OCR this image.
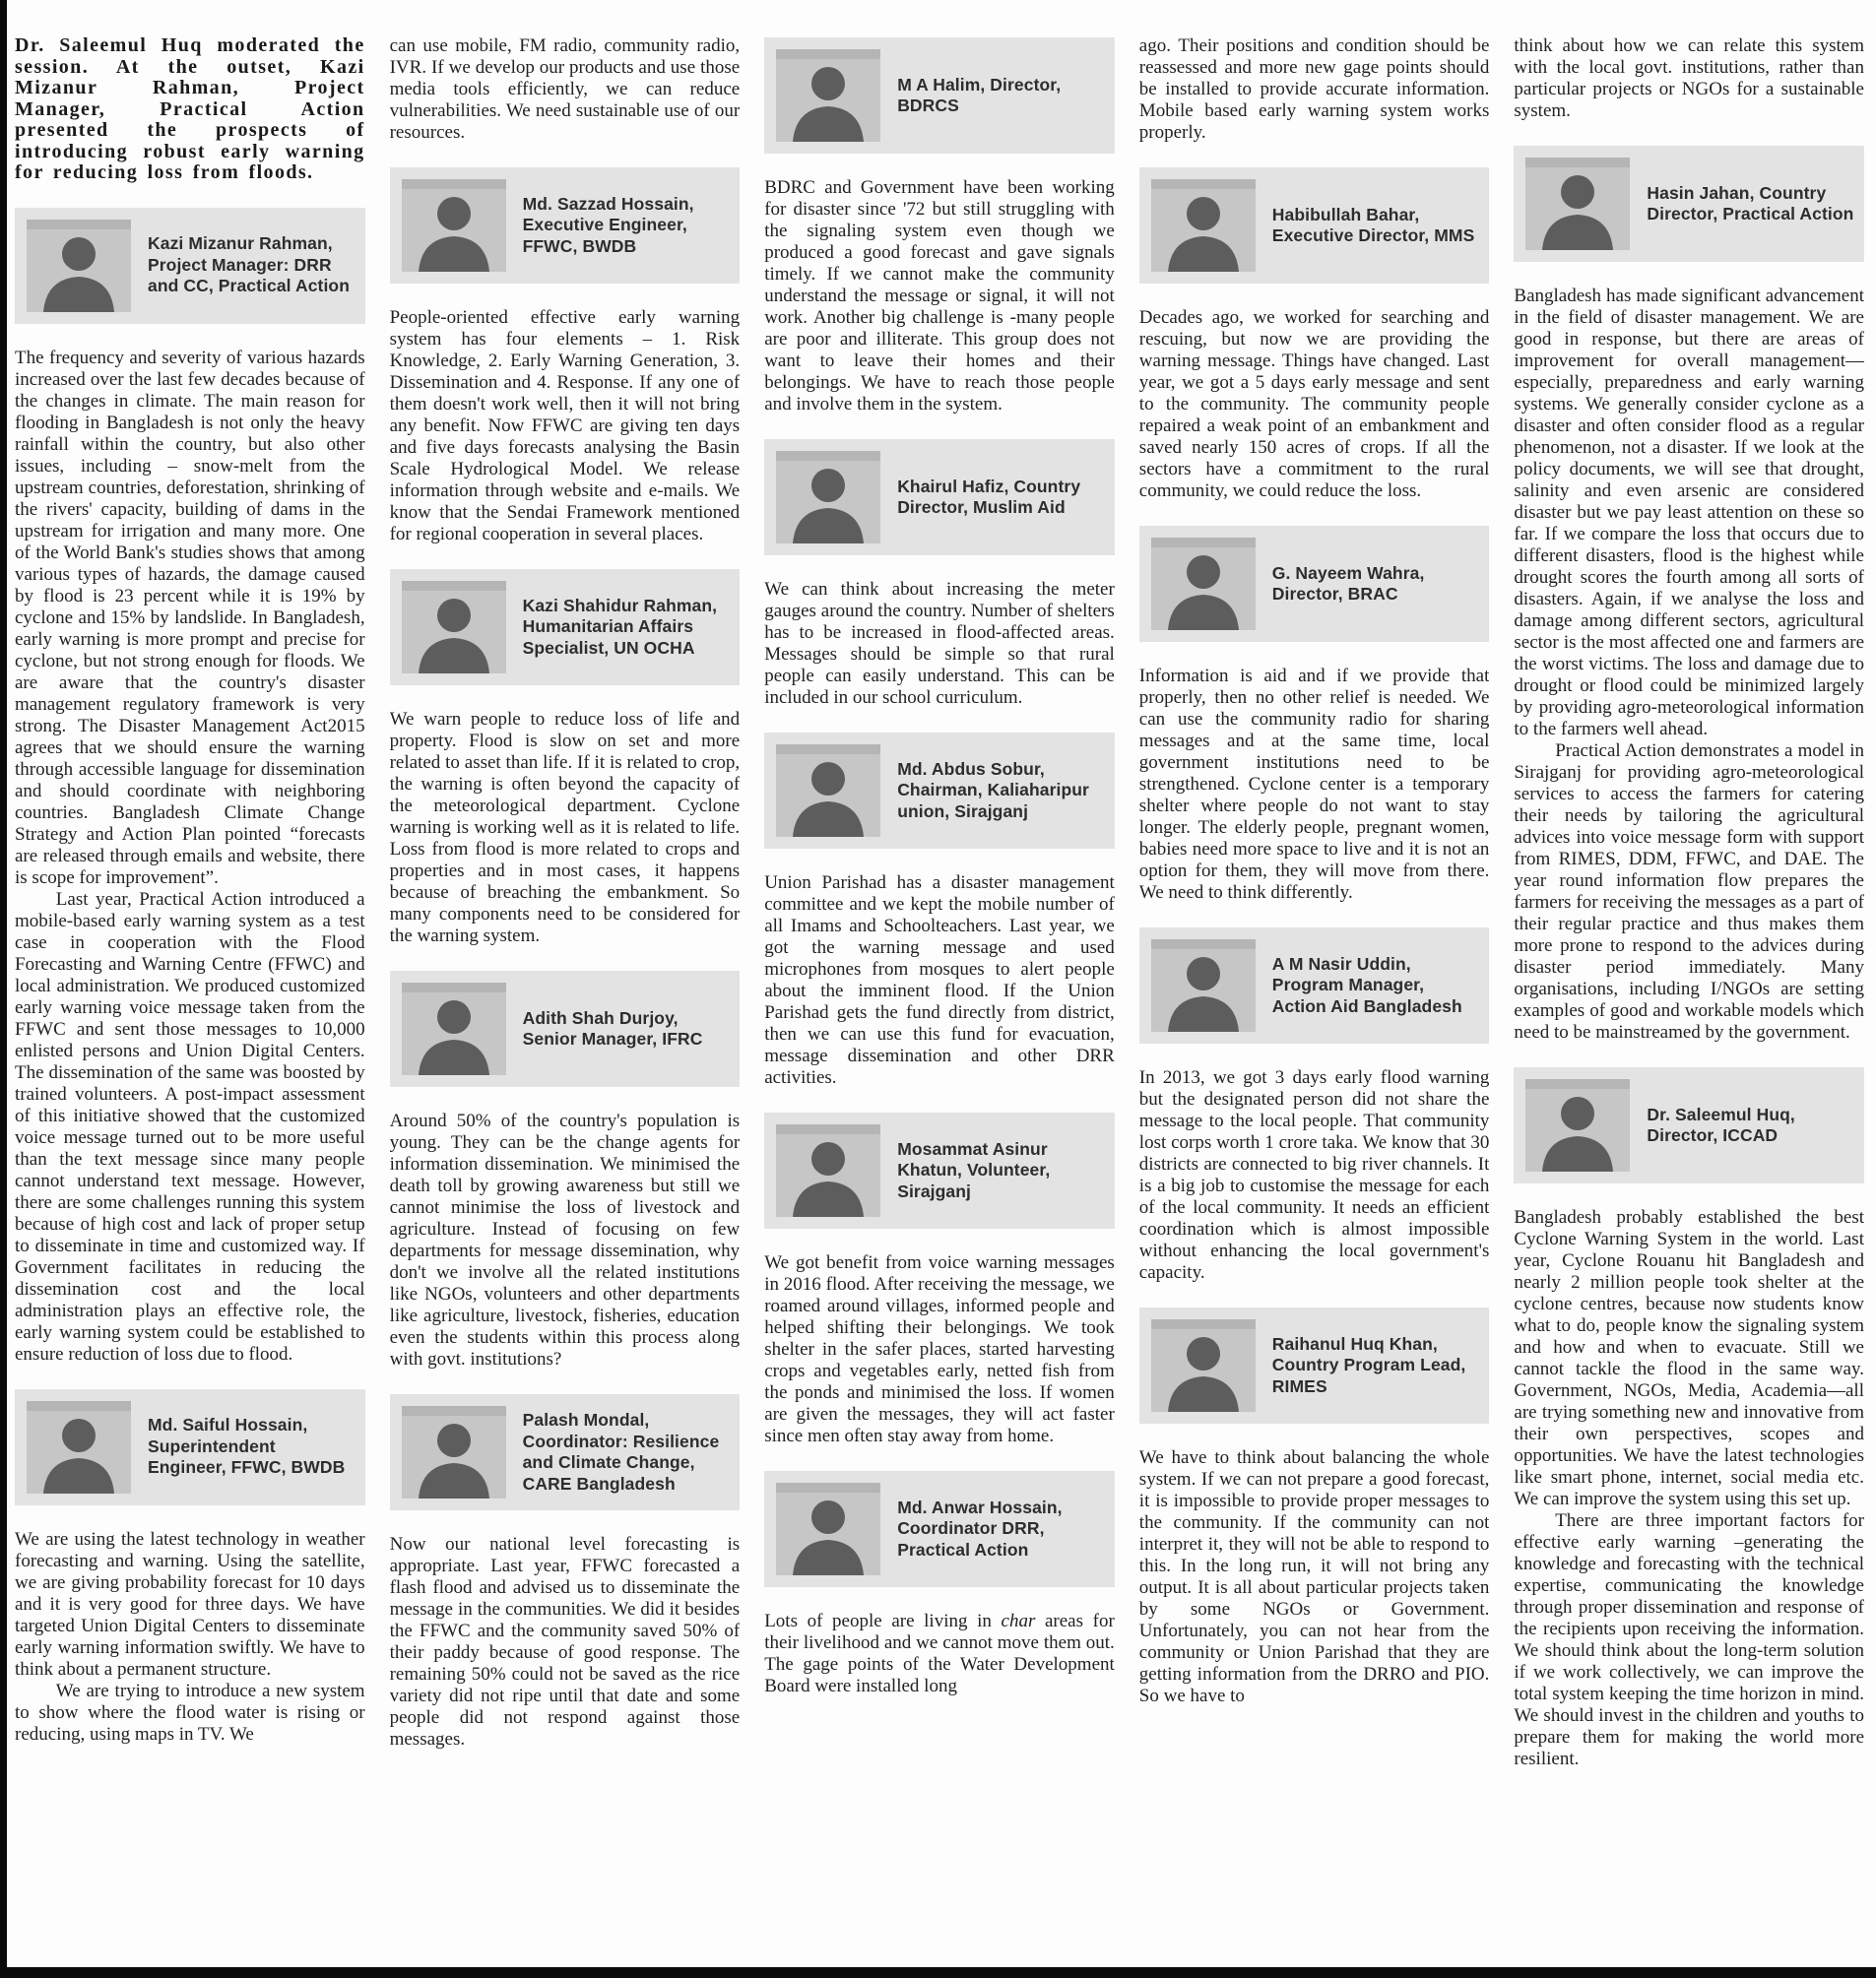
Dr. Saleemul Huq moderated the session. At the outset, Kazi Mizanur Rahman, Project Manager, Practical Action presented the prospects of introducing robust early warning for reducing loss from floods.

Kazi Mizanur Rahman, Project Manager: DRR and CC, Practical Action

The frequency and severity of various hazards increased over the last few decades because of the changes in climate. The main reason for flooding in Bangladesh is not only the heavy rainfall within the country, but also other issues, including – snow-melt from the upstream countries, deforestation, shrinking of the rivers' capacity, building of dams in the upstream for irrigation and many more. One of the World Bank's studies shows that among various types of hazards, the damage caused by flood is 23 percent while it is 19% by cyclone and 15% by landslide. In Bangladesh, early warning is more prompt and precise for cyclone, but not strong enough for floods. We are aware that the country's disaster management regulatory framework is very strong. The Disaster Management Act2015 agrees that we should ensure the warning through accessible language for dissemination and should coordinate with neighboring countries. Bangladesh Climate Change Strategy and Action Plan pointed “forecasts are released through emails and website, there is scope for improvement”.

Last year, Practical Action introduced a mobile-based early warning system as a test case in cooperation with the Flood Forecasting and Warning Centre (FFWC) and local administration. We produced customized early warning voice message taken from the FFWC and sent those messages to 10,000 enlisted persons and Union Digital Centers. The dissemination of the same was boosted by trained volunteers. A post-impact assessment of this initiative showed that the customized voice message turned out to be more useful than the text message since many people cannot understand text message. However, there are some challenges running this system because of high cost and lack of proper setup to disseminate in time and customized way. If Government facilitates in reducing the dissemination cost and the local administration plays an effective role, the early warning system could be established to ensure reduction of loss due to flood.

Md. Saiful Hossain, Superintendent Engineer, FFWC, BWDB

We are using the latest technology in weather forecasting and warning. Using the satellite, we are giving probability forecast for 10 days and it is very good for three days. We have targeted Union Digital Centers to disseminate early warning information swiftly. We have to think about a permanent structure.

We are trying to introduce a new system to show where the flood water is rising or reducing, using maps in TV. We

can use mobile, FM radio, community radio, IVR. If we develop our products and use those media tools efficiently, we can reduce vulnerabilities. We need sustainable use of our resources.

Md. Sazzad Hossain, Executive Engineer, FFWC, BWDB

People-oriented effective early warning system has four elements – 1. Risk Knowledge, 2. Early Warning Generation, 3. Dissemination and 4. Response. If any one of them doesn't work well, then it will not bring any benefit. Now FFWC are giving ten days and five days forecasts analysing the Basin Scale Hydrological Model. We release information through website and e-mails. We know that the Sendai Framework mentioned for regional cooperation in several places.

Kazi Shahidur Rahman, Humanitarian Affairs Specialist, UN OCHA

We warn people to reduce loss of life and property. Flood is slow on set and more related to asset than life. If it is related to crop, the warning is often beyond the capacity of the meteorological department. Cyclone warning is working well as it is related to life. Loss from flood is more related to crops and properties and in most cases, it happens because of breaching the embankment. So many components need to be considered for the warning system.

Adith Shah Durjoy, Senior Manager, IFRC

Around 50% of the country's population is young. They can be the change agents for information dissemination. We minimised the death toll by growing awareness but still we cannot minimise the loss of livestock and agriculture. Instead of focusing on few departments for message dissemination, why don't we involve all the related institutions like NGOs, volunteers and other departments like agriculture, livestock, fisheries, education even the students within this process along with govt. institutions?

Palash Mondal, Coordinator: Resilience and Climate Change, CARE Bangladesh

Now our national level forecasting is appropriate. Last year, FFWC forecasted a flash flood and advised us to disseminate the message in the communities. We did it besides the FFWC and the community saved 50% of their paddy because of good response. The remaining 50% could not be saved as the rice variety did not ripe until that date and some people did not respond against those messages.

M A Halim, Director, BDRCS

BDRC and Government have been working for disaster since '72 but still struggling with the signaling system even though we produced a good forecast and gave signals timely. If we cannot make the community understand the message or signal, it will not work. Another big challenge is -many people are poor and illiterate. This group does not want to leave their homes and their belongings. We have to reach those people and involve them in the system.

Khairul Hafiz, Country Director, Muslim Aid

We can think about increasing the meter gauges around the country. Number of shelters has to be increased in flood-affected areas. Messages should be simple so that rural people can easily understand. This can be included in our school curriculum.

Md. Abdus Sobur, Chairman, Kaliaharipur union, Sirajganj

Union Parishad has a disaster management committee and we kept the mobile number of all Imams and Schoolteachers. Last year, we got the warning message and used microphones from mosques to alert people about the imminent flood. If the Union Parishad gets the fund directly from district, then we can use this fund for evacuation, message dissemination and other DRR activities.

Mosammat Asinur Khatun, Volunteer, Sirajganj

We got benefit from voice warning messages in 2016 flood. After receiving the message, we roamed around villages, informed people and helped shifting their belongings. We took shelter in the safer places, started harvesting crops and vegetables early, netted fish from the ponds and minimised the loss. If women are given the messages, they will act faster since men often stay away from home.

Md. Anwar Hossain, Coordinator DRR, Practical Action

Lots of people are living in char areas for their livelihood and we cannot move them out. The gage points of the Water Development Board were installed long

ago. Their positions and condition should be reassessed and more new gage points should be installed to provide accurate information. Mobile based early warning system works properly.

Habibullah Bahar, Executive Director, MMS

Decades ago, we worked for searching and rescuing, but now we are providing the warning message. Things have changed. Last year, we got a 5 days early message and sent to the community. The community people repaired a weak point of an embankment and saved nearly 150 acres of crops. If all the sectors have a commitment to the rural community, we could reduce the loss.

G. Nayeem Wahra, Director, BRAC

Information is aid and if we provide that properly, then no other relief is needed. We can use the community radio for sharing messages and at the same time, local government institutions need to be strengthened. Cyclone center is a temporary shelter where people do not want to stay longer. The elderly people, pregnant women, babies need more space to live and it is not an option for them, they will move from there. We need to think differently.

A M Nasir Uddin, Program Manager, Action Aid Bangladesh

In 2013, we got 3 days early flood warning but the designated person did not share the message to the local people. That community lost corps worth 1 crore taka. We know that 30 districts are connected to big river channels. It is a big job to customise the message for each of the local community. It needs an efficient coordination which is almost impossible without enhancing the local government's capacity.

Raihanul Huq Khan, Country Program Lead, RIMES

We have to think about balancing the whole system. If we can not prepare a good forecast, it is impossible to provide proper messages to the community. If the community can not interpret it, they will not be able to respond to this. In the long run, it will not bring any output. It is all about particular projects taken by some NGOs or Government. Unfortunately, you can not hear from the community or Union Parishad that they are getting information from the DRRO and PIO. So we have to

think about how we can relate this system with the local govt. institutions, rather than particular projects or NGOs for a sustainable system.

Hasin Jahan, Country Director, Practical Action

Bangladesh has made significant advancement in the field of disaster management. We are good in response, but there are areas of improvement for overall management—especially, preparedness and early warning systems. We generally consider cyclone as a disaster and often consider flood as a regular phenomenon, not a disaster. If we look at the policy documents, we will see that drought, salinity and even arsenic are considered disaster but we pay least attention on these so far. If we compare the loss that occurs due to different disasters, flood is the highest while drought scores the fourth among all sorts of disasters. Again, if we analyse the loss and damage among different sectors, agricultural sector is the most affected one and farmers are the worst victims. The loss and damage due to drought or flood could be minimized largely by providing agro-meteorological information to the farmers well ahead.

Practical Action demonstrates a model in Sirajganj for providing agro-meteorological services to access the farmers for catering their needs by tailoring the agricultural advices into voice message form with support from RIMES, DDM, FFWC, and DAE. The year round information flow prepares the farmers for receiving the messages as a part of their regular practice and thus makes them more prone to respond to the advices during disaster period immediately. Many organisations, including I/NGOs are setting examples of good and workable models which need to be mainstreamed by the government.

Dr. Saleemul Huq, Director, ICCAD

Bangladesh probably established the best Cyclone Warning System in the world. Last year, Cyclone Rouanu hit Bangladesh and nearly 2 million people took shelter at the cyclone centres, because now students know what to do, people know the signaling system and how and when to evacuate. Still we cannot tackle the flood in the same way. Government, NGOs, Media, Academia—all are trying something new and innovative from their own perspectives, scopes and opportunities. We have the latest technologies like smart phone, internet, social media etc. We can improve the system using this set up.

There are three important factors for effective early warning –generating the knowledge and forecasting with the technical expertise, communicating the knowledge through proper dissemination and response of the recipients upon receiving the information. We should think about the long-term solution if we work collectively, we can improve the total system keeping the time horizon in mind. We should invest in the children and youths to prepare them for making the world more resilient.
